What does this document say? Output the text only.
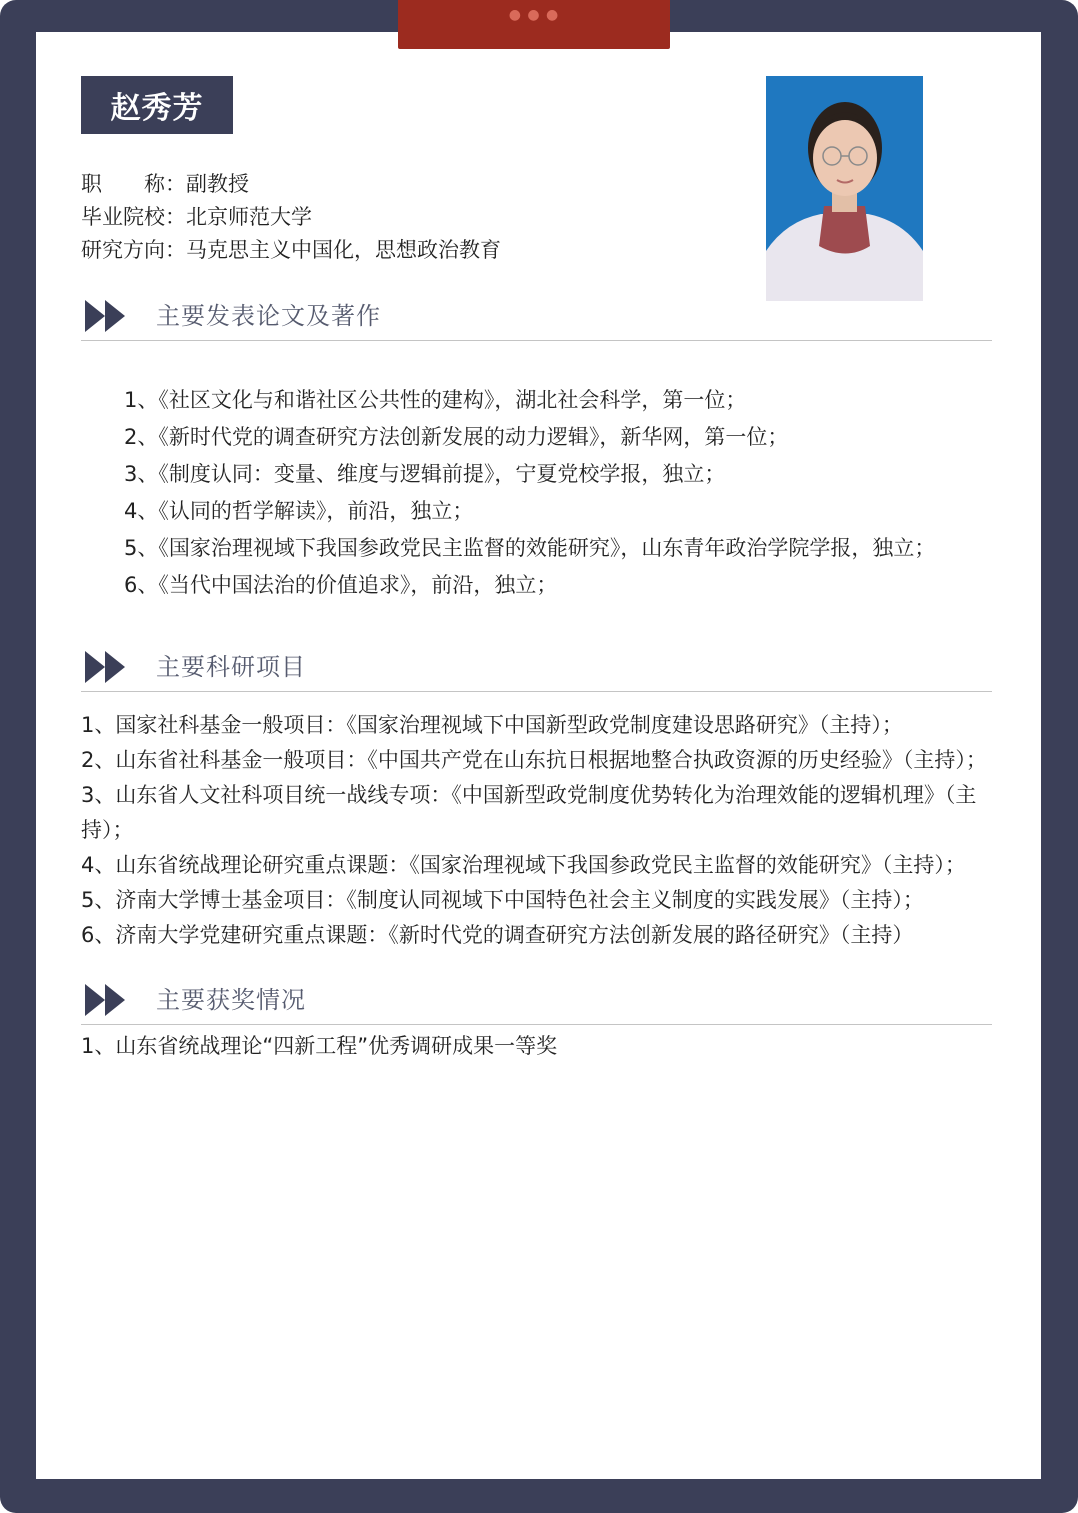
● ● ●
赵秀芳
职　　称：副教授
毕业院校：北京师范大学
研究方向：马克思主义中国化，思想政治教育
主要发表论文及著作
1、《社区文化与和谐社区公共性的建构》，湖北社会科学，第一位；
2、《新时代党的调查研究方法创新发展的动力逻辑》，新华网，第一位；
3、《制度认同：变量、维度与逻辑前提》，宁夏党校学报，独立；
4、《认同的哲学解读》，前沿，独立；
5、《国家治理视域下我国参政党民主监督的效能研究》，山东青年政治学院学报，独立；
6、《当代中国法治的价值追求》，前沿，独立；
主要科研项目
1、国家社科基金一般项目：《国家治理视域下中国新型政党制度建设思路研究》（主持）；
2、山东省社科基金一般项目：《中国共产党在山东抗日根据地整合执政资源的历史经验》（主持）；
3、山东省人文社科项目统一战线专项：《中国新型政党制度优势转化为治理效能的逻辑机理》（主持）；
4、山东省统战理论研究重点课题：《国家治理视域下我国参政党民主监督的效能研究》（主持）；
5、济南大学博士基金项目：《制度认同视域下中国特色社会主义制度的实践发展》（主持）；
6、济南大学党建研究重点课题：《新时代党的调查研究方法创新发展的路径研究》（主持）
主要获奖情况
1、山东省统战理论“四新工程”优秀调研成果一等奖
